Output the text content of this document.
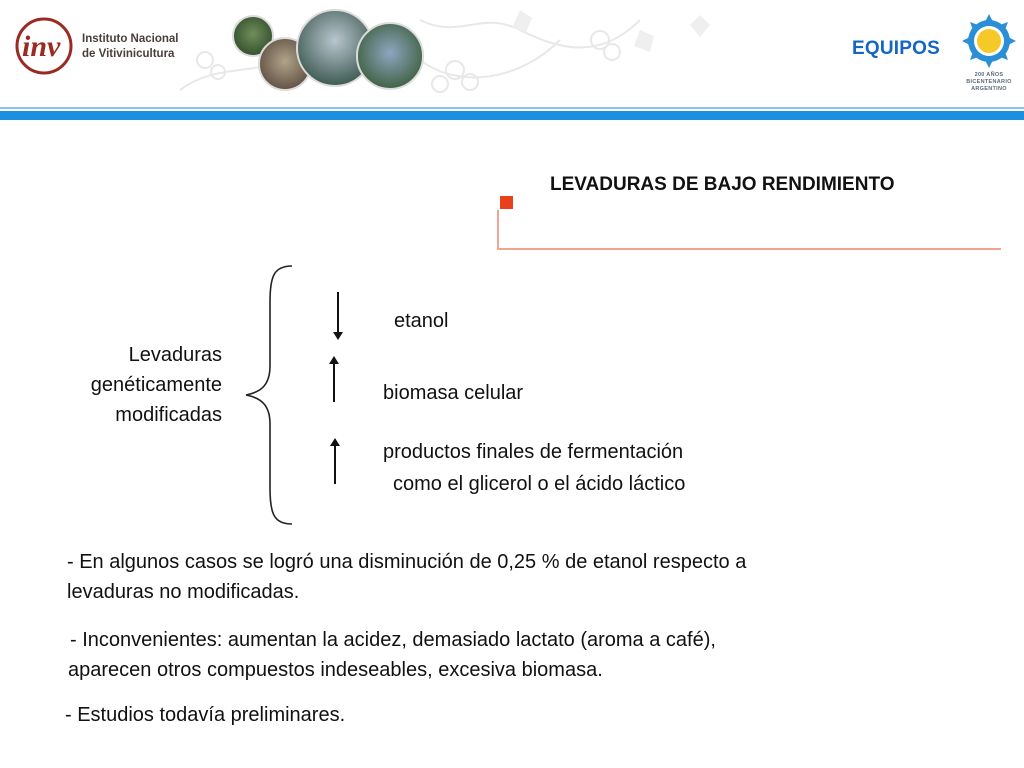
inv Instituto Nacional
de Vitivinicultura	EQUIPOS
200 AÑOS
BICENTENARIO
ARGENTINO
LEVADURAS DE BAJO RENDIMIENTO
Levaduras genéticamente modificadas
etanol
biomasa celular
productos finales de fermentación
como el glicerol o el ácido láctico
- En algunos casos se logró una disminución de 0,25 % de etanol respecto a
levaduras no modificadas.
- Inconvenientes: aumentan la acidez, demasiado lactato (aroma a café),
aparecen otros compuestos indeseables, excesiva biomasa.
- Estudios todavía preliminares.
